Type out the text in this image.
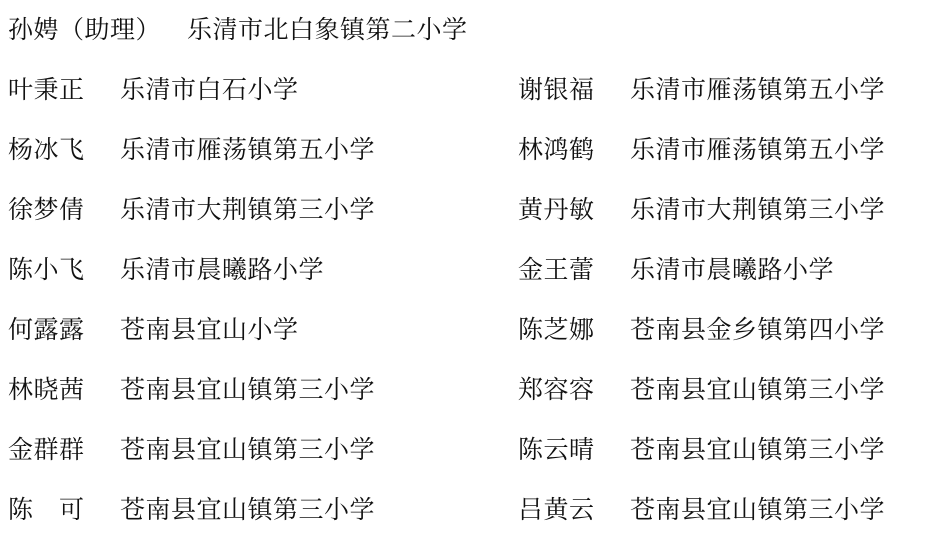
孙娉（助理） 乐清市北白象镇第二小学
叶秉正	乐清市白石小学	谢银福	乐清市雁荡镇第五小学
杨冰飞	乐清市雁荡镇第五小学	林鸿鹤	乐清市雁荡镇第五小学
徐梦倩	乐清市大荆镇第三小学	黄丹敏	乐清市大荆镇第三小学
陈小飞	乐清市晨曦路小学	金王蕾	乐清市晨曦路小学
何露露	苍南县宜山小学	陈芝娜	苍南县金乡镇第四小学
林晓茜	苍南县宜山镇第三小学	郑容容	苍南县宜山镇第三小学
金群群	苍南县宜山镇第三小学	陈云晴	苍南县宜山镇第三小学
陈　可	苍南县宜山镇第三小学	吕黄云	苍南县宜山镇第三小学
